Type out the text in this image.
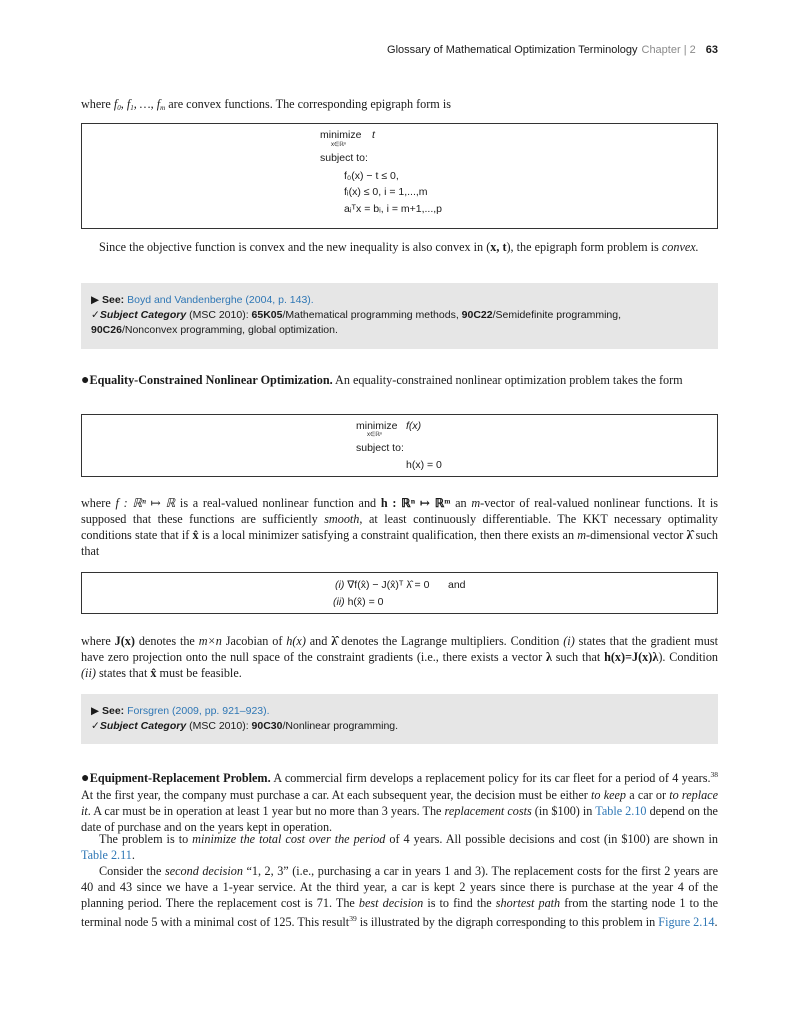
Glossary of Mathematical Optimization Terminology Chapter | 2 63
where $f_0$, $f_1$, …, $f_m$ are convex functions. The corresponding epigraph form is
minimize t
x∈ℝⁿ
subject to:
f₀(x) − t ≤ 0,
fᵢ(x) ≤ 0, i = 1,...,m
aᵢᵀx = bᵢ, i = m+1,...,p
Since the objective function is convex and the new inequality is also convex in (x, t), the epigraph form problem is convex.
▶ See: Boyd and Vandenberghe (2004, p. 143).
✓Subject Category (MSC 2010): 65K05/Mathematical programming methods, 90C22/Semidefinite programming, 90C26/Nonconvex programming, global optimization.
●Equality-Constrained Nonlinear Optimization. An equality-constrained nonlinear optimization problem takes the form
minimize f(x)
x∈ℝⁿ
subject to:
h(x) = 0
where f : ℝⁿ ↦ ℝ is a real-valued nonlinear function and h : ℝⁿ ↦ ℝᵐ an m-vector of real-valued nonlinear functions. It is supposed that these functions are sufficiently smooth, at least continuously differentiable. The KKT necessary optimality conditions state that if x̂ is a local minimizer satisfying a constraint qualification, then there exists an m-dimensional vector λ̂ such that
(i) ∇f(x̂) − J(x̂)ᵀ λ̂ = 0 and
(ii) h(x̂) = 0
where J(x) denotes the m×n Jacobian of h(x) and λ̂ denotes the Lagrange multipliers. Condition (i) states that the gradient must have zero projection onto the null space of the constraint gradients (i.e., there exists a vector λ such that h(x)=J(x)λ). Condition (ii) states that x̂ must be feasible.
▶ See: Forsgren (2009, pp. 921–923).
✓Subject Category (MSC 2010): 90C30/Nonlinear programming.
●Equipment-Replacement Problem. A commercial firm develops a replacement policy for its car fleet for a period of 4 years.$^{38}$ At the first year, the company must purchase a car. At each subsequent year, the decision must be either to keep a car or to replace it. A car must be in operation at least 1 year but no more than 3 years. The replacement costs (in $100) in Table 2.10 depend on the date of purchase and on the years kept in operation.
The problem is to minimize the total cost over the period of 4 years. All possible decisions and cost (in $100) are shown in Table 2.11.
Consider the second decision “1, 2, 3” (i.e., purchasing a car in years 1 and 3). The replacement costs for the first 2 years are 40 and 43 since we have a 1-year service. At the third year, a car is kept 2 years since there is purchase at the year 4 of the planning period. There the replacement cost is 71. The best decision is to find the shortest path from the starting node 1 to the terminal node 5 with a minimal cost of 125. This result$^{39}$ is illustrated by the digraph corresponding to this problem in Figure 2.14.
